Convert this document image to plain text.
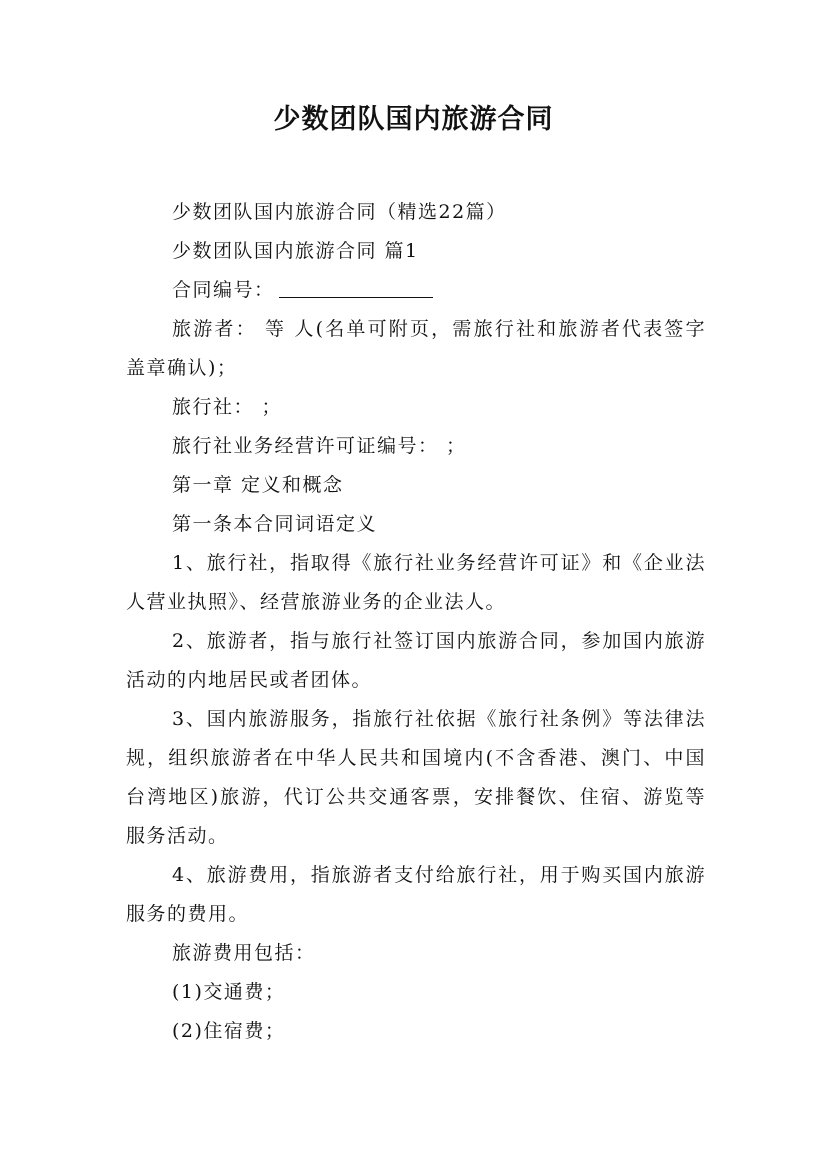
少数团队国内旅游合同

少数团队国内旅游合同（精选22篇）

少数团队国内旅游合同 篇1

合同编号：

旅游者： 等 人(名单可附页，需旅行社和旅游者代表签字盖章确认)；

旅行社： ；

旅行社业务经营许可证编号： ；

第一章 定义和概念

第一条本合同词语定义

1、旅行社，指取得《旅行社业务经营许可证》和《企业法人营业执照》、经营旅游业务的企业法人。

2、旅游者，指与旅行社签订国内旅游合同，参加国内旅游活动的内地居民或者团体。

3、国内旅游服务，指旅行社依据《旅行社条例》等法律法规，组织旅游者在中华人民共和国境内(不含香港、澳门、中国台湾地区)旅游，代订公共交通客票，安排餐饮、住宿、游览等服务活动。

4、旅游费用，指旅游者支付给旅行社，用于购买国内旅游服务的费用。

旅游费用包括：

(1)交通费；

(2)住宿费；
